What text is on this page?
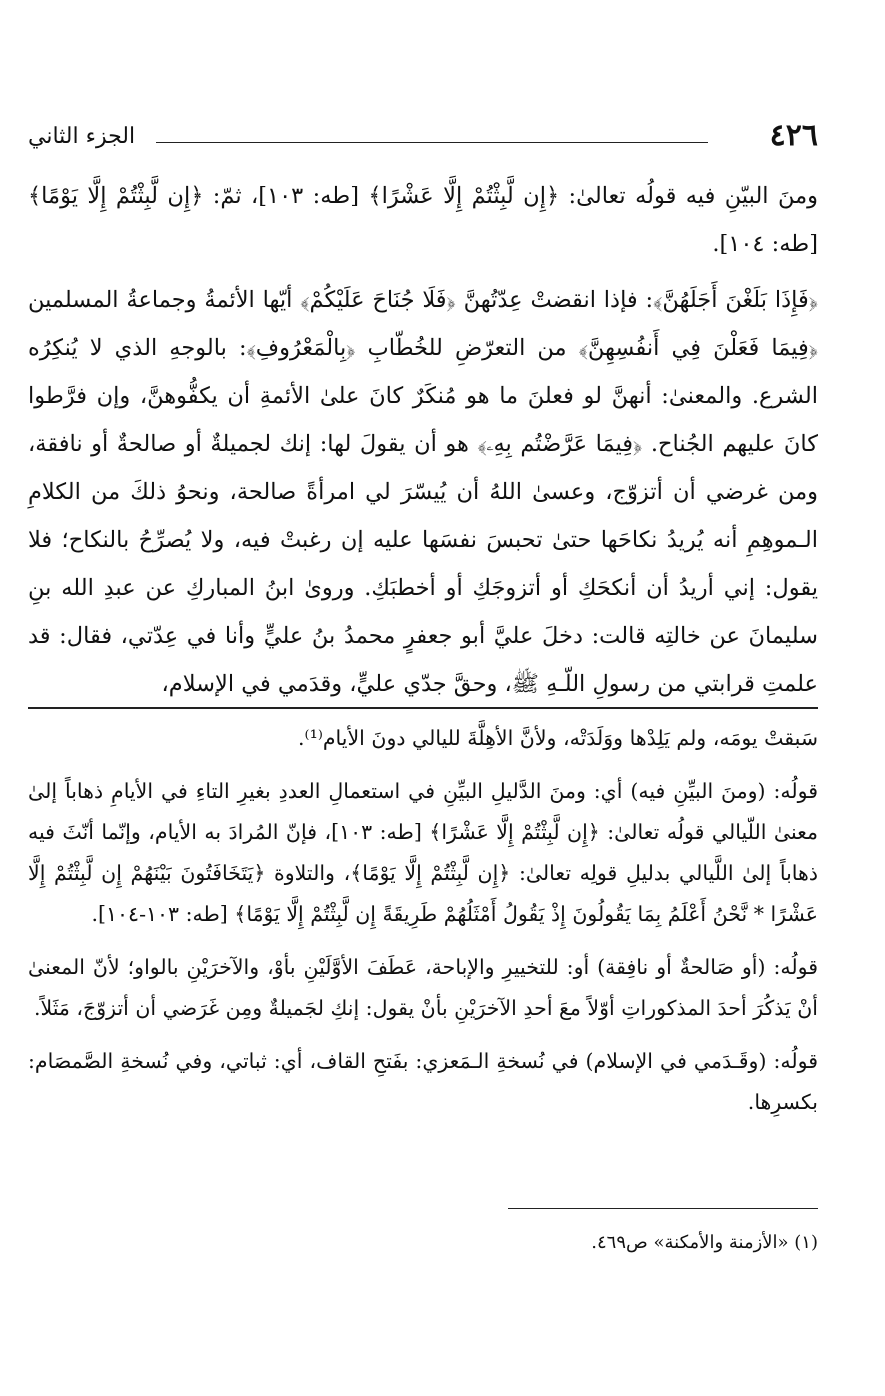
٤٢٦
الجزء الثاني

ومنَ البيّنِ فيه قولُه تعالىٰ: ﴿إِن لَّبِثْتُمْ إِلَّا عَشْرًا﴾ [طه: ١٠٣]، ثمّ: ﴿إِن لَّبِثْتُمْ إِلَّا يَوْمًا﴾ [طه: ١٠٤].

﴿فَإِذَا بَلَغْنَ أَجَلَهُنَّ﴾: فإذا انقضتْ عِدّتُهنَّ ﴿فَلَا جُنَاحَ عَلَيْكُمْ﴾ أيّها الأئمةُ وجماعةُ المسلمين ﴿فِيمَا فَعَلْنَ فِي أَنفُسِهِنَّ﴾ من التعرّضِ للخُطّابِ ﴿بِالْمَعْرُوفِ﴾: بالوجهِ الذي لا يُنكِرُه الشرع. والمعنىٰ: أنهنَّ لو فعلنَ ما هو مُنكَرٌ كانَ علىٰ الأئمةِ أن يكفُّوهنَّ، وإن فرَّطوا كانَ عليهم الجُناح. ﴿فِيمَا عَرَّضْتُم بِهِۦ﴾ هو أن يقولَ لها: إنك لجميلةٌ أو صالحةٌ أو نافقة، ومن غرضي أن أتزوّج، وعسىٰ اللهُ أن يُيسّرَ لي امرأةً صالحة، ونحوُ ذلكَ من الكلامِ الـموهِمِ أنه يُريدُ نكاحَها حتىٰ تحبسَ نفسَها عليه إن رغبتْ فيه، ولا يُصرِّحُ بالنكاح؛ فلا يقول: إني أريدُ أن أنكحَكِ أو أتزوجَكِ أو أخطبَكِ. وروىٰ ابنُ المباركِ عن عبدِ الله بنِ سليمانَ عن خالتِه قالت: دخلَ عليَّ أبو جعفرٍ محمدُ بنُ عليٍّ وأنا في عِدّتي، فقال: قد علمتِ قرابتي من رسولِ اللّـهِ ﷺ، وحقَّ جدّي عليٍّ، وقدَمي في الإسلام،

سَبقتْ يومَه، ولم يَلِدْها ووَلَدَتْه، ولأنَّ الأهِلَّةَ لليالي دونَ الأيام⁽¹⁾.

قولُه: (ومنَ البيِّنِ فيه) أي: ومنَ الدَّليلِ البيِّنِ في استعمالِ العددِ بغيرِ التاءِ في الأيامِ ذهاباً إلىٰ معنىٰ اللّيالي قولُه تعالىٰ: ﴿إِن لَّبِثْتُمْ إِلَّا عَشْرًا﴾ [طه: ١٠٣]، فإنّ المُرادَ به الأيام، وإنّما أنّثَ فيه ذهاباً إلىٰ اللَّيالي بدليلِ قولِه تعالىٰ: ﴿إِن لَّبِثْتُمْ إِلَّا يَوْمًا﴾، والتلاوة ﴿يَتَخَافَتُونَ بَيْنَهُمْ إِن لَّبِثْتُمْ إِلَّا عَشْرًا * نَّحْنُ أَعْلَمُ بِمَا يَقُولُونَ إِذْ يَقُولُ أَمْثَلُهُمْ طَرِيقَةً إِن لَّبِثْتُمْ إِلَّا يَوْمًا﴾ [طه: ١٠٣-١٠٤].

قولُه: (أو صَالحةٌ أو نافِقة) أو: للتخييرِ والإباحة، عَطَفَ الأوَّلَيْنِ بأوْ، والآخرَيْنِ بالواو؛ لأنّ المعنىٰ أنْ يَذكُرَ أحدَ المذكوراتِ أوّلاً معَ أحدِ الآخرَيْنِ بأنْ يقول: إنكِ لجَميلةٌ ومِن غَرَضي أن أتزوّجَ، مَثَلاً.

قولُه: (وقَـدَمي في الإسلام) في نُسخةِ الـمَعزي: بفَتحِ القاف، أي: ثباتي، وفي نُسخةِ الصَّمصَام: بكسرِها.

(١) «الأزمنة والأمكنة» ص٤٦٩.
